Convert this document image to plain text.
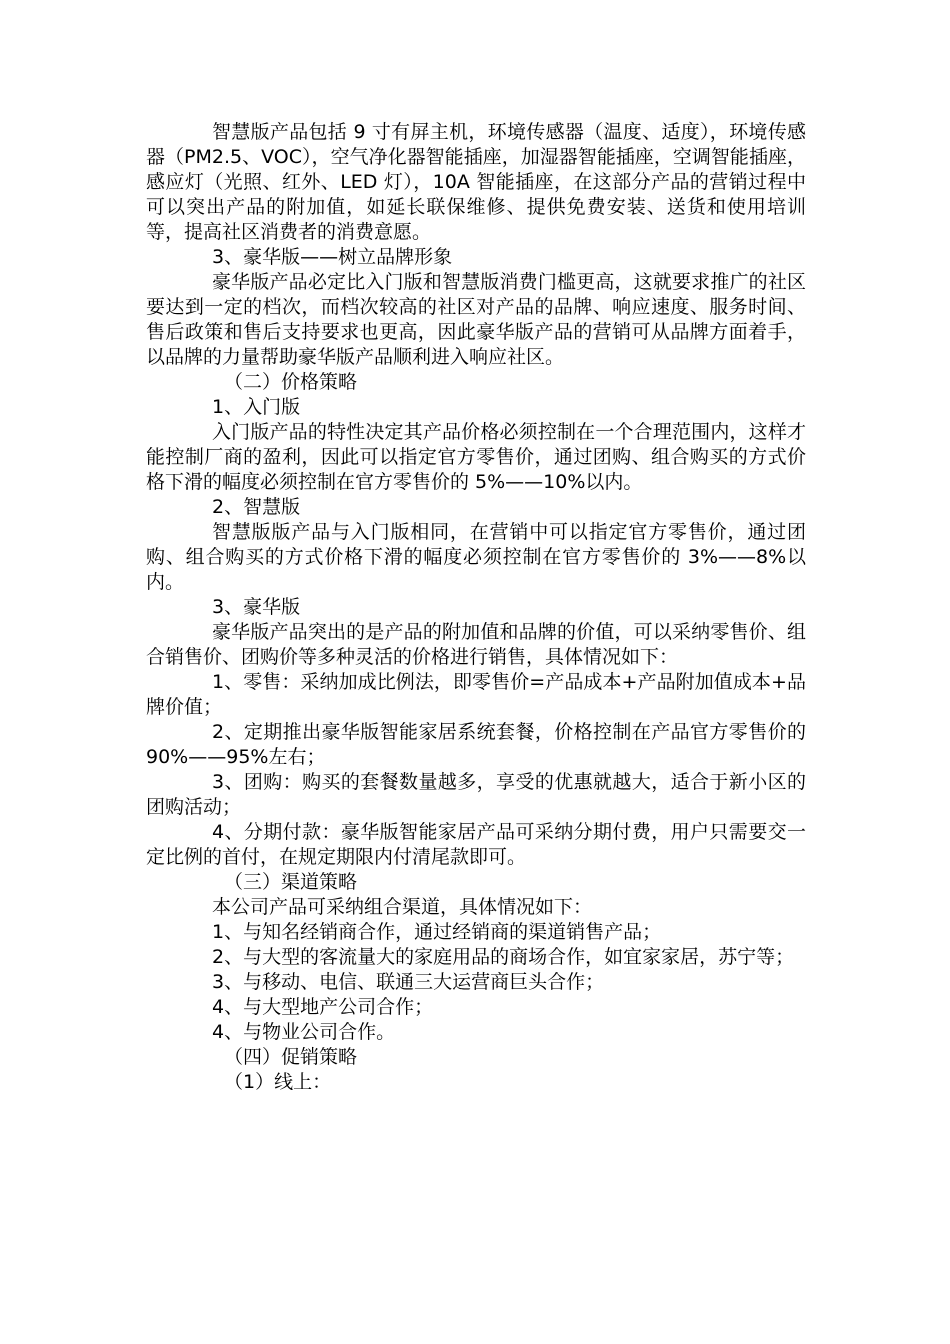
智慧版产品包括 9 寸有屏主机，环境传感器（温度、适度），环境传感器（PM2.5、VOC），空气净化器智能插座，加湿器智能插座，空调智能插座，感应灯（光照、红外、LED 灯），10A 智能插座，在这部分产品的营销过程中可以突出产品的附加值，如延长联保维修、提供免费安装、送货和使用培训等，提高社区消费者的消费意愿。

3、豪华版——树立品牌形象

豪华版产品必定比入门版和智慧版消费门槛更高，这就要求推广的社区要达到一定的档次，而档次较高的社区对产品的品牌、响应速度、服务时间、售后政策和售后支持要求也更高，因此豪华版产品的营销可从品牌方面着手，以品牌的力量帮助豪华版产品顺利进入响应社区。

（二）价格策略

1、入门版

入门版产品的特性决定其产品价格必须控制在一个合理范围内，这样才能控制厂商的盈利，因此可以指定官方零售价，通过团购、组合购买的方式价格下滑的幅度必须控制在官方零售价的 5%——10%以内。

2、智慧版

智慧版版产品与入门版相同，在营销中可以指定官方零售价，通过团购、组合购买的方式价格下滑的幅度必须控制在官方零售价的 3%——8%以内。

3、豪华版

豪华版产品突出的是产品的附加值和品牌的价值，可以采纳零售价、组合销售价、团购价等多种灵活的价格进行销售，具体情况如下：

1、零售：采纳加成比例法，即零售价=产品成本+产品附加值成本+品牌价值；

2、定期推出豪华版智能家居系统套餐，价格控制在产品官方零售价的 90%——95%左右；

3、团购：购买的套餐数量越多，享受的优惠就越大，适合于新小区的团购活动；

4、分期付款：豪华版智能家居产品可采纳分期付费，用户只需要交一定比例的首付，在规定期限内付清尾款即可。

（三）渠道策略

本公司产品可采纳组合渠道，具体情况如下：

1、与知名经销商合作，通过经销商的渠道销售产品；

2、与大型的客流量大的家庭用品的商场合作，如宜家家居，苏宁等；

3、与移动、电信、联通三大运营商巨头合作；

4、与大型地产公司合作；

4、与物业公司合作。

（四）促销策略

（1）线上：
